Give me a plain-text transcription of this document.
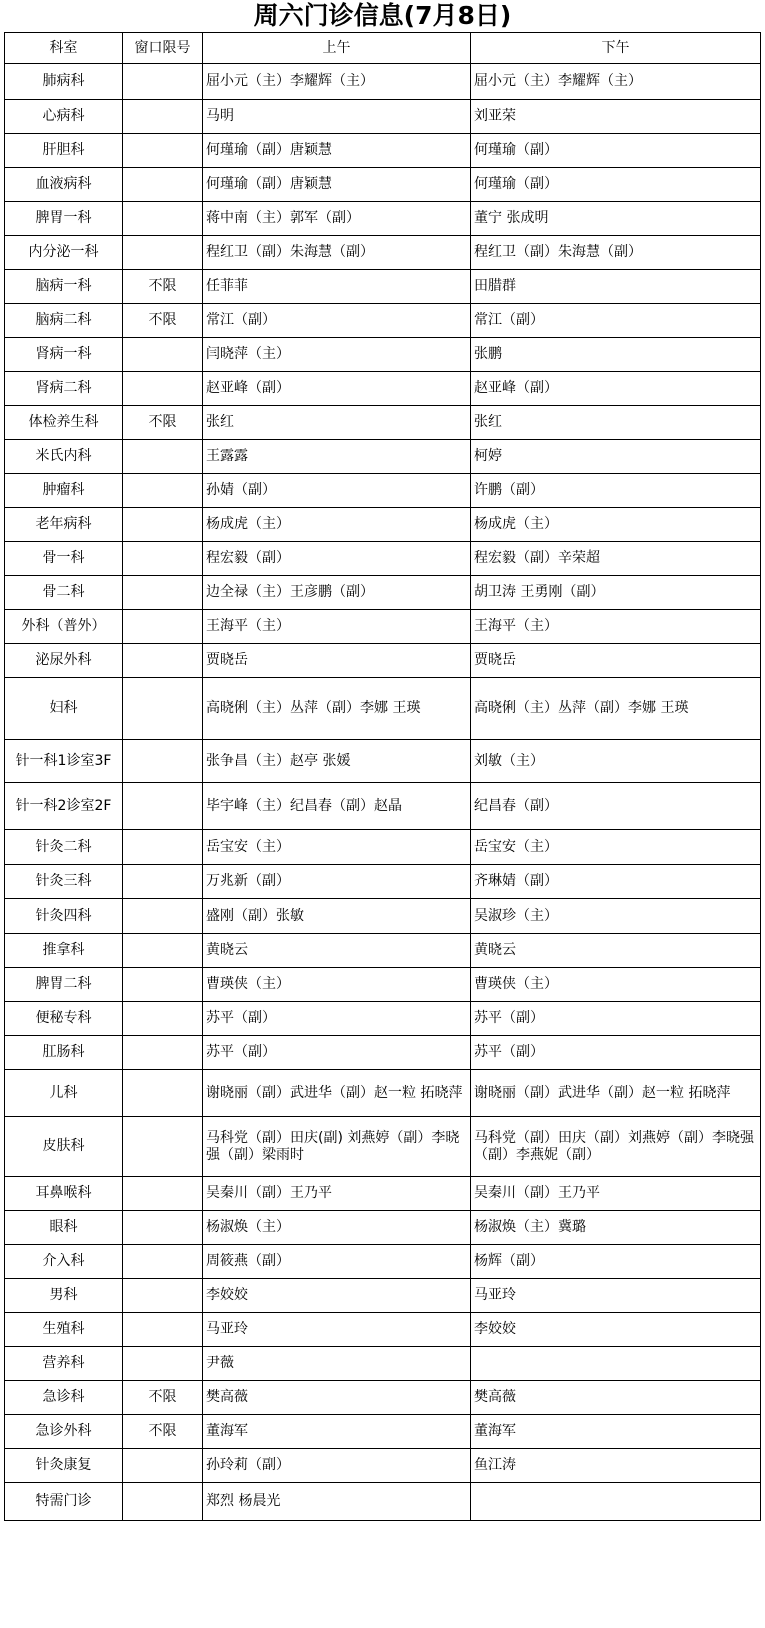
周六门诊信息(7月8日)
科室	窗口限号	上午	下午
肺病科		屈小元（主）李耀辉（主）	屈小元（主）李耀辉（主）
心病科		马明	刘亚荣
肝胆科		何瑾瑜（副）唐颖慧	何瑾瑜（副）
血液病科		何瑾瑜（副）唐颖慧	何瑾瑜（副）
脾胃一科		蒋中南（主）郭军（副）	董宁 张成明
内分泌一科		程红卫（副）朱海慧（副）	程红卫（副）朱海慧（副）
脑病一科	不限	任菲菲	田腊群
脑病二科	不限	常江（副）	常江（副）
肾病一科		闫晓萍（主）	张鹏
肾病二科		赵亚峰（副）	赵亚峰（副）
体检养生科	不限	张红	张红
米氏内科		王露露	柯婷
肿瘤科		孙婧（副）	许鹏（副）
老年病科		杨成虎（主）	杨成虎（主）
骨一科		程宏毅（副）	程宏毅（副）辛荣超
骨二科		边全禄（主）王彦鹏（副）	胡卫涛 王勇刚（副）
外科（普外）		王海平（主）	王海平（主）
泌尿外科		贾晓岳	贾晓岳
妇科		高晓俐（主）丛萍（副）李娜 王瑛	高晓俐（主）丛萍（副）李娜 王瑛
针一科1诊室3F		张争昌（主）赵亭 张媛	刘敏（主）
针一科2诊室2F		毕宇峰（主）纪昌春（副）赵晶	纪昌春（副）
针灸二科		岳宝安（主）	岳宝安（主）
针灸三科		万兆新（副）	齐琳婧（副）
针灸四科		盛刚（副）张敏	吴淑珍（主）
推拿科		黄晓云	黄晓云
脾胃二科		曹瑛侠（主）	曹瑛侠（主）
便秘专科		苏平（副）	苏平（副）
肛肠科		苏平（副）	苏平（副）
儿科		谢晓丽（副）武进华（副）赵一粒 拓晓萍	谢晓丽（副）武进华（副）赵一粒 拓晓萍
皮肤科		马科党（副）田庆(副) 刘燕婷（副）李晓强（副）梁雨时	马科党（副）田庆（副）刘燕婷（副）李晓强（副）李燕妮（副）
耳鼻喉科		吴秦川（副）王乃平	吴秦川（副）王乃平
眼科		杨淑焕（主）	杨淑焕（主）冀璐
介入科		周筱燕（副）	杨辉（副）
男科		李姣姣	马亚玲
生殖科		马亚玲	李姣姣
营养科		尹薇	
急诊科	不限	樊高薇	樊高薇
急诊外科	不限	董海军	董海军
针灸康复		孙玲莉（副）	鱼江涛
特需门诊		郑烈 杨晨光	
